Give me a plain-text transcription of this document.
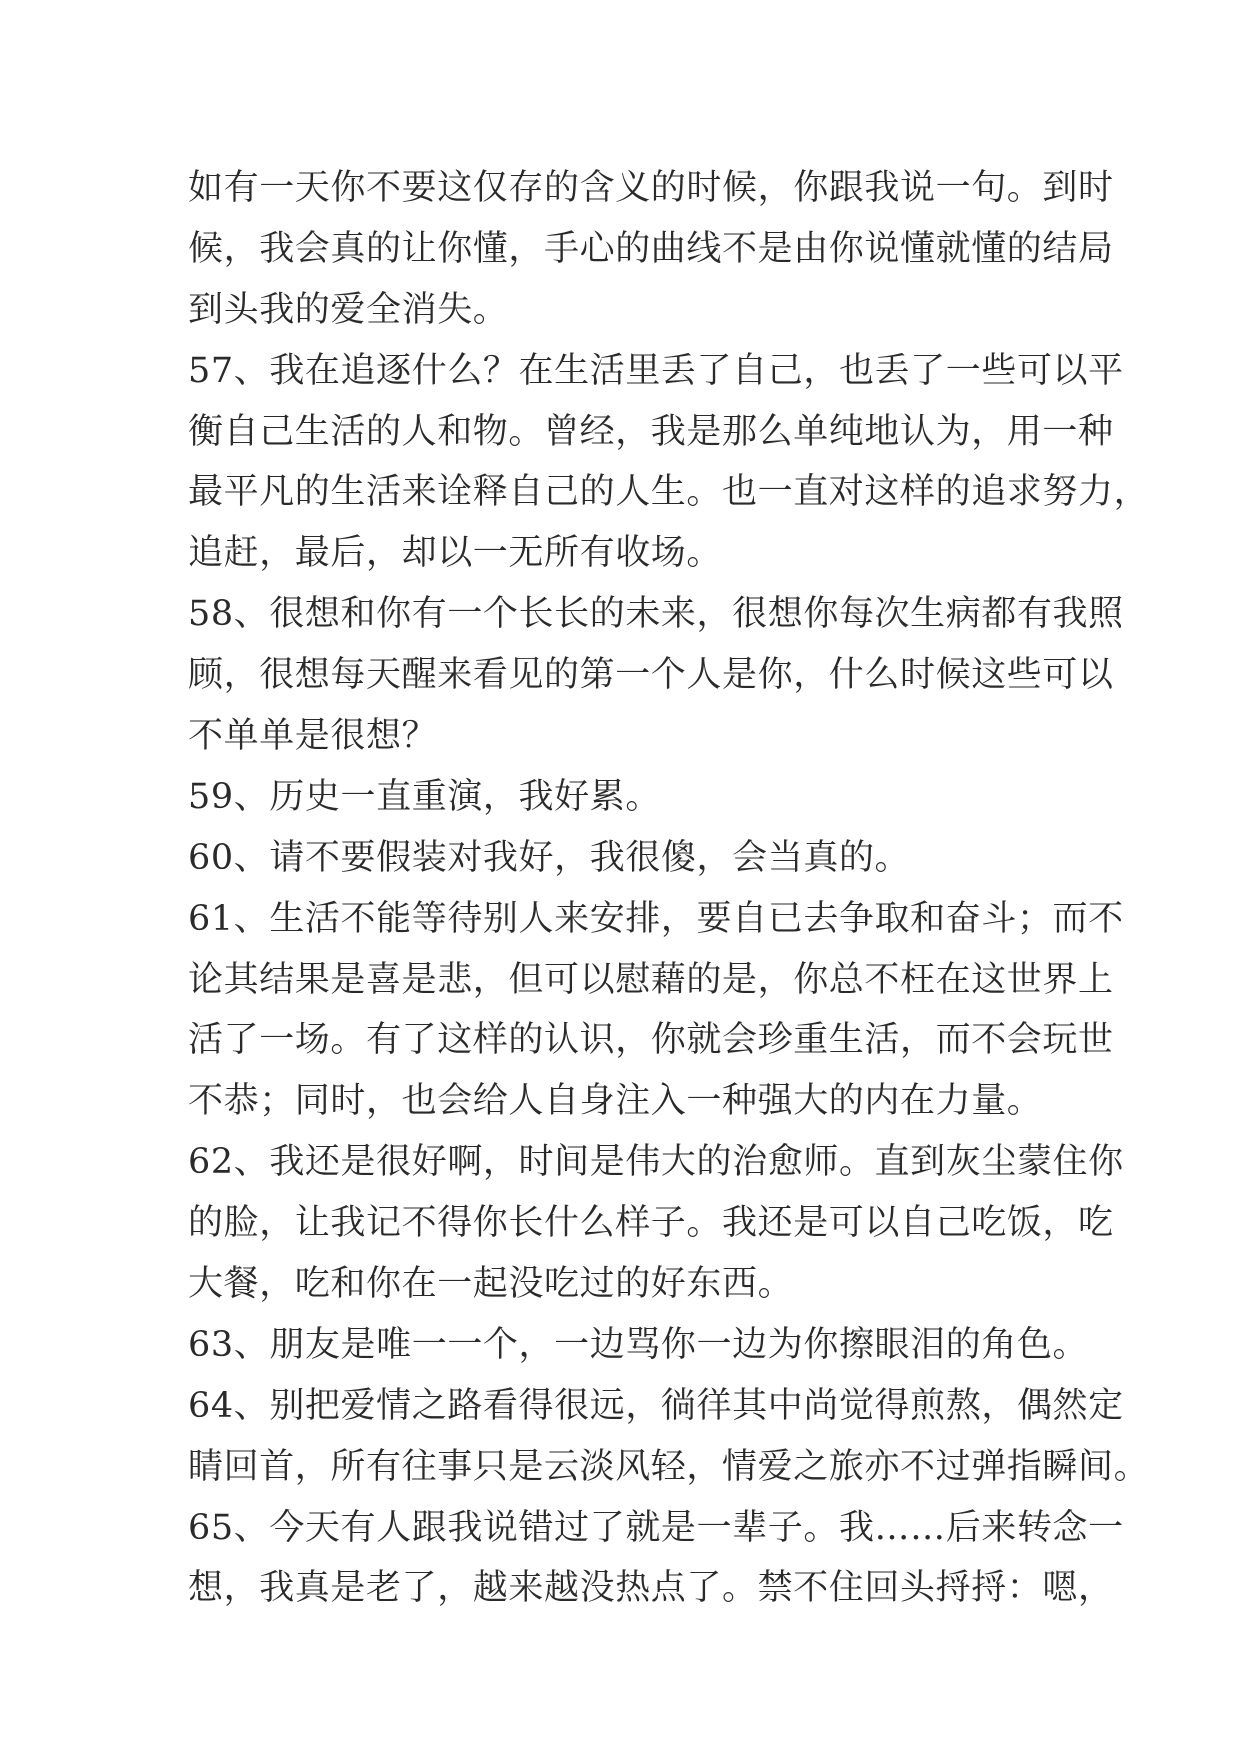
如有一天你不要这仅存的含义的时候，你跟我说一句。到时
候，我会真的让你懂，手心的曲线不是由你说懂就懂的结局
到头我的爱全消失。
57、我在追逐什么？在生活里丢了自己，也丢了一些可以平
衡自己生活的人和物。曾经，我是那么单纯地认为，用一种
最平凡的生活来诠释自己的人生。也一直对这样的追求努力，
追赶，最后，却以一无所有收场。
58、很想和你有一个长长的未来，很想你每次生病都有我照
顾，很想每天醒来看见的第一个人是你，什么时候这些可以
不单单是很想？
59、历史一直重演，我好累。
60、请不要假装对我好，我很傻，会当真的。
61、生活不能等待别人来安排，要自已去争取和奋斗；而不
论其结果是喜是悲，但可以慰藉的是，你总不枉在这世界上
活了一场。有了这样的认识，你就会珍重生活，而不会玩世
不恭；同时，也会给人自身注入一种强大的内在力量。
62、我还是很好啊，时间是伟大的治愈师。直到灰尘蒙住你
的脸，让我记不得你长什么样子。我还是可以自己吃饭，吃
大餐，吃和你在一起没吃过的好东西。
63、朋友是唯一一个，一边骂你一边为你擦眼泪的角色。
64、别把爱情之路看得很远，徜徉其中尚觉得煎熬，偶然定
睛回首，所有往事只是云淡风轻，情爱之旅亦不过弹指瞬间。
65、今天有人跟我说错过了就是一辈子。我……后来转念一
想，我真是老了，越来越没热点了。禁不住回头捋捋：嗯，
